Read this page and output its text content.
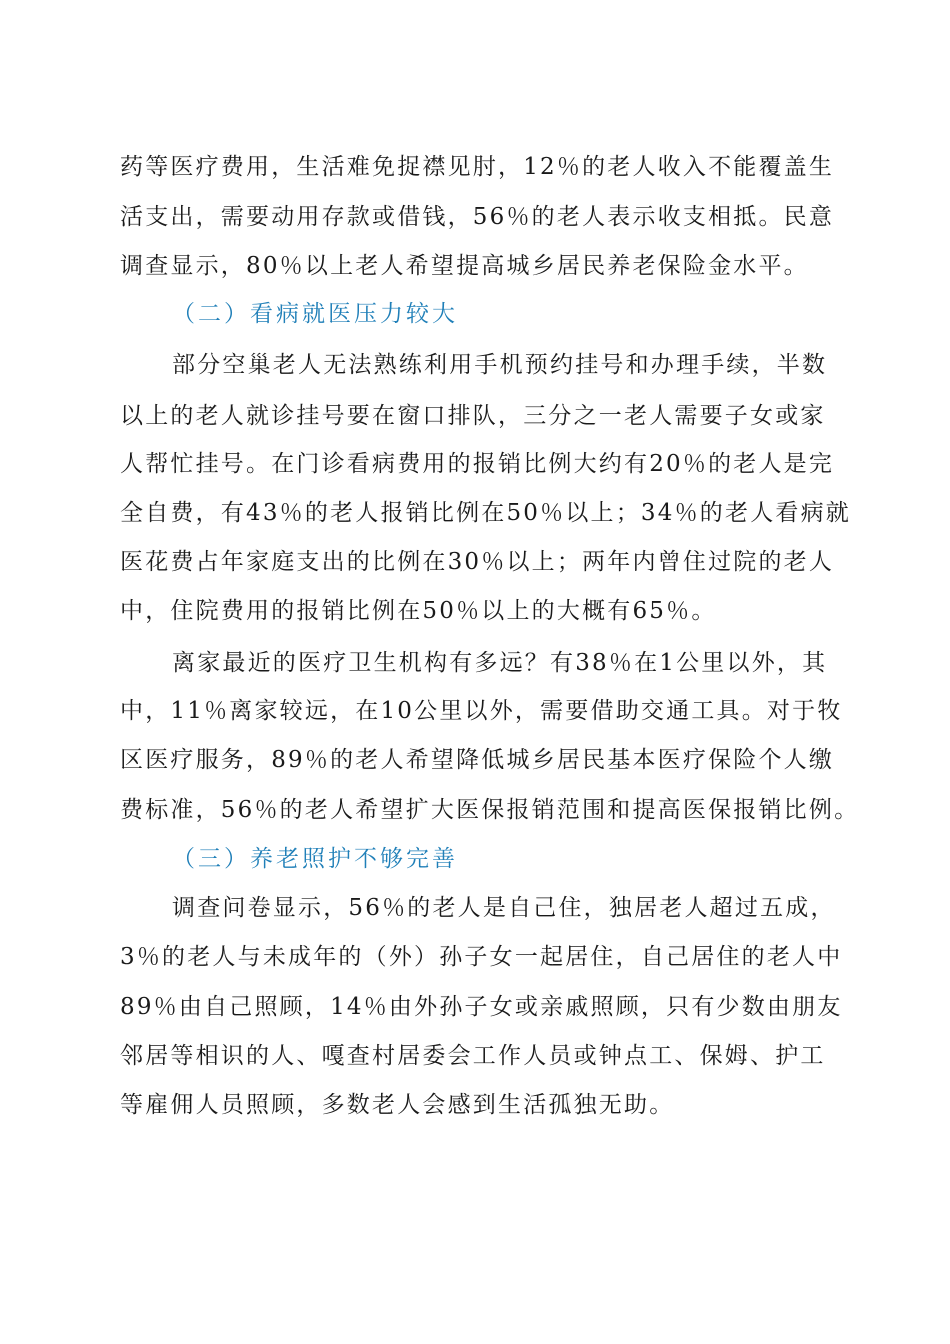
药等医疗费用，生活难免捉襟见肘，12％的老人收入不能覆盖生
活支出，需要动用存款或借钱，56％的老人表示收支相抵。民意
调查显示，80％以上老人希望提高城乡居民养老保险金水平。
（二）看病就医压力较大
部分空巢老人无法熟练利用手机预约挂号和办理手续，半数
以上的老人就诊挂号要在窗口排队，三分之一老人需要子女或家
人帮忙挂号。在门诊看病费用的报销比例大约有20％的老人是完
全自费，有43％的老人报销比例在50％以上；34％的老人看病就
医花费占年家庭支出的比例在30％以上；两年内曾住过院的老人
中，住院费用的报销比例在50％以上的大概有65％。
离家最近的医疗卫生机构有多远？有38％在1公里以外，其
中，11％离家较远，在10公里以外，需要借助交通工具。对于牧
区医疗服务，89％的老人希望降低城乡居民基本医疗保险个人缴
费标准，56％的老人希望扩大医保报销范围和提高医保报销比例。
（三）养老照护不够完善
调查问卷显示，56％的老人是自己住，独居老人超过五成，
3％的老人与未成年的（外）孙子女一起居住，自己居住的老人中
89％由自己照顾，14％由外孙子女或亲戚照顾，只有少数由朋友
邻居等相识的人、嘎查村居委会工作人员或钟点工、保姆、护工
等雇佣人员照顾，多数老人会感到生活孤独无助。
